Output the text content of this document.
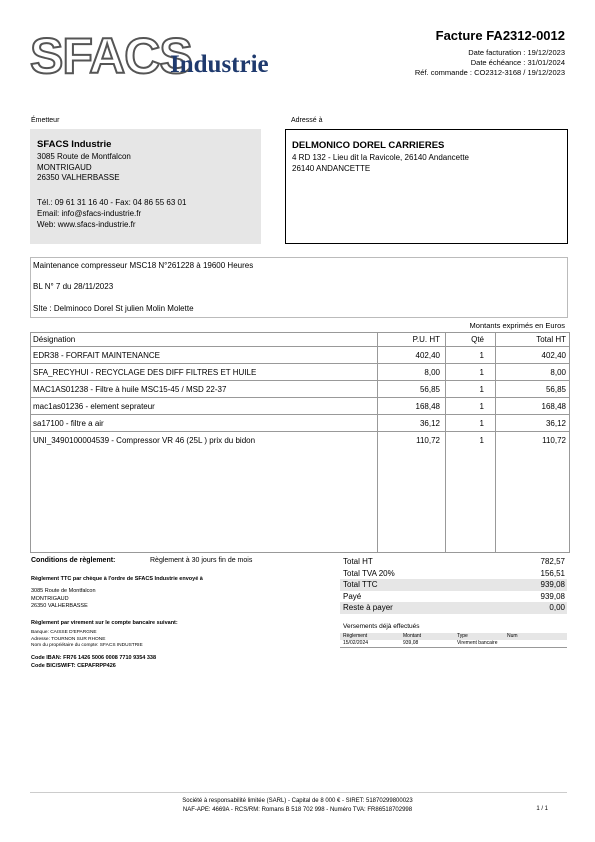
SFACS
Industrie
Facture FA2312-0012
Date facturation : 19/12/2023
Date échéance : 31/01/2024
Réf. commande : CO2312-3168 / 19/12/2023
Émetteur	Adressé à
SFACS Industrie
3085 Route de Montfalcon
MONTRIGAUD
26350 VALHERBASSE
Tél.: 09 61 31 16 40 - Fax: 04 86 55 63 01
Email: info@sfacs-industrie.fr
Web: www.sfacs-industrie.fr
DELMONICO DOREL CARRIERES
4 RD 132 - Lieu dit la Ravicole, 26140 Andancette
26140 ANDANCETTE
Maintenance compresseur MSC18 N°261228 à 19600 Heures
BL N° 7 du 28/11/2023
SIte : Delminoco Dorel St julien Molin Molette
Montants exprimés en Euros
Désignation	P.U. HT	Qté	Total HT
EDR38 - FORFAIT MAINTENANCE	402,40	1	402,40
SFA_RECYHUI - RECYCLAGE DES DIFF FILTRES ET HUILE	8,00	1	8,00
MAC1AS01238 - Filtre à huile MSC15-45 / MSD 22-37	56,85	1	56,85
mac1as01236 - element seprateur	168,48	1	168,48
sa17100 - filtre a air	36,12	1	36,12
UNI_3490100004539 - Compressor VR 46 (25L ) prix du bidon	110,72	1	110,72
Conditions de règlement:	Règlement à 30 jours fin de mois
Règlement TTC par chèque à l'ordre de SFACS Industrie envoyé à
3085 Route de Montfalcon
MONTRIGAUD
26350 VALHERBASSE
Règlement par virement sur le compte bancaire suivant:
Banque: CAISSE D'EPARGNE
Adresse: TOURNON SUR RHONE
Nom du propriétaire du compte: SFACS INDUSTRIE
Code IBAN: FR76 1426 5006 0008 7710 9354 338
Code BIC/SWIFT: CEPAFRPP426
Total HT	782,57
Total TVA 20%	156,51
Total TTC	939,08
Payé	939,08
Reste à payer	0,00
Versements déjà effectués
Règlement	Montant	Type	Num
15/02/2024	939,08	Virement bancaire
Société à responsabilité limitée (SARL) - Capital de 8 000 € - SIRET: 51870299800023
NAF-APE: 4669A - RCS/RM: Romans B 518 702 998 - Numéro TVA: FR86518702998	1 / 1
